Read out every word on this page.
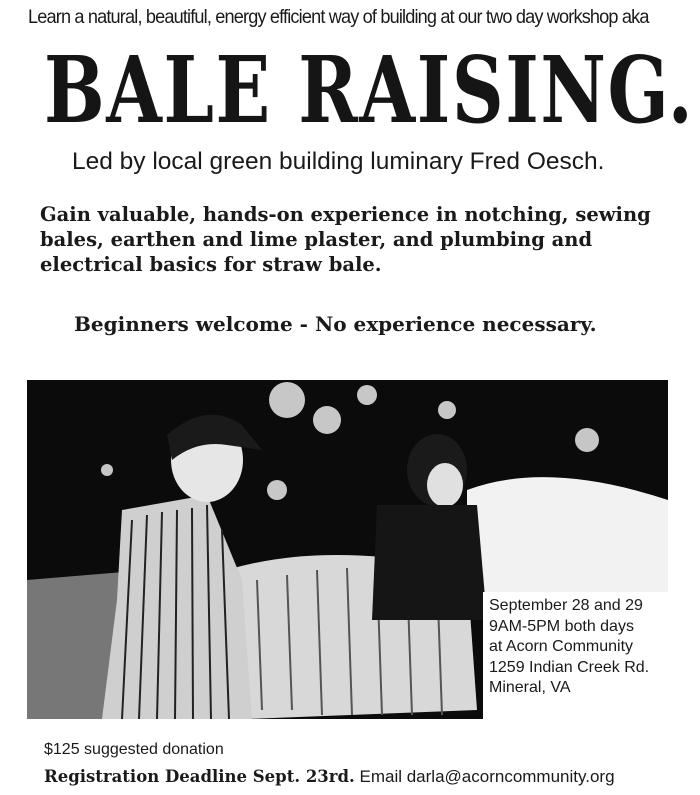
Learn a natural, beautiful, energy efficient way of building at our two day workshop aka
BALE RAISING.
Led by local green building luminary Fred Oesch.
Gain valuable, hands-on experience in notching, sewing bales, earthen and lime plaster, and plumbing and electrical basics for straw bale.
Beginners welcome - No experience necessary.
September 28 and 29
9AM-5PM both days
at Acorn Community
1259 Indian Creek Rd.
Mineral, VA
$125 suggested donation
Registration Deadline Sept. 23rd. Email darla@acorncommunity.org
